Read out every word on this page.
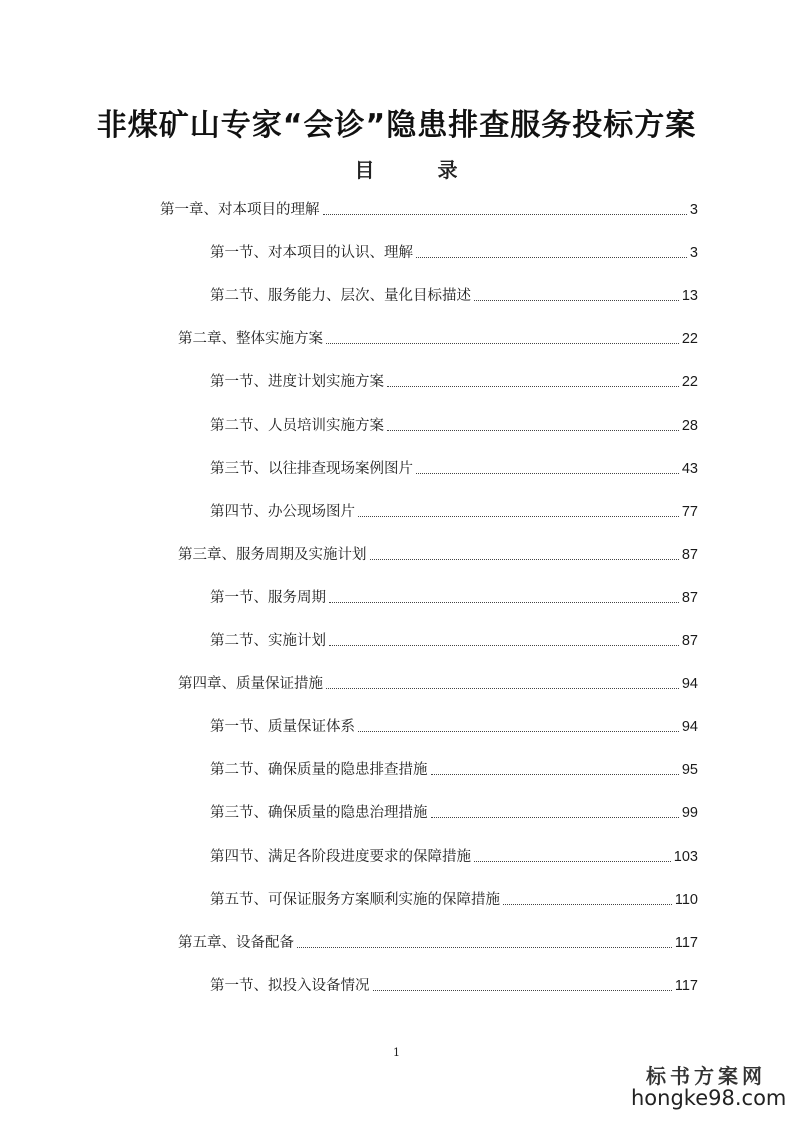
非煤矿山专家“会诊”隐患排查服务投标方案
目 录
第一章、对本项目的理解	3
第一节、对本项目的认识、理解	3
第二节、服务能力、层次、量化目标描述	13
第二章、整体实施方案	22
第一节、进度计划实施方案	22
第二节、人员培训实施方案	28
第三节、以往排查现场案例图片	43
第四节、办公现场图片	77
第三章、服务周期及实施计划	87
第一节、服务周期	87
第二节、实施计划	87
第四章、质量保证措施	94
第一节、质量保证体系	94
第二节、确保质量的隐患排查措施	95
第三节、确保质量的隐患治理措施	99
第四节、满足各阶段进度要求的保障措施	103
第五节、可保证服务方案顺利实施的保障措施	110
第五章、设备配备	117
第一节、拟投入设备情况	117
1
标书方案网
hongke98.com
